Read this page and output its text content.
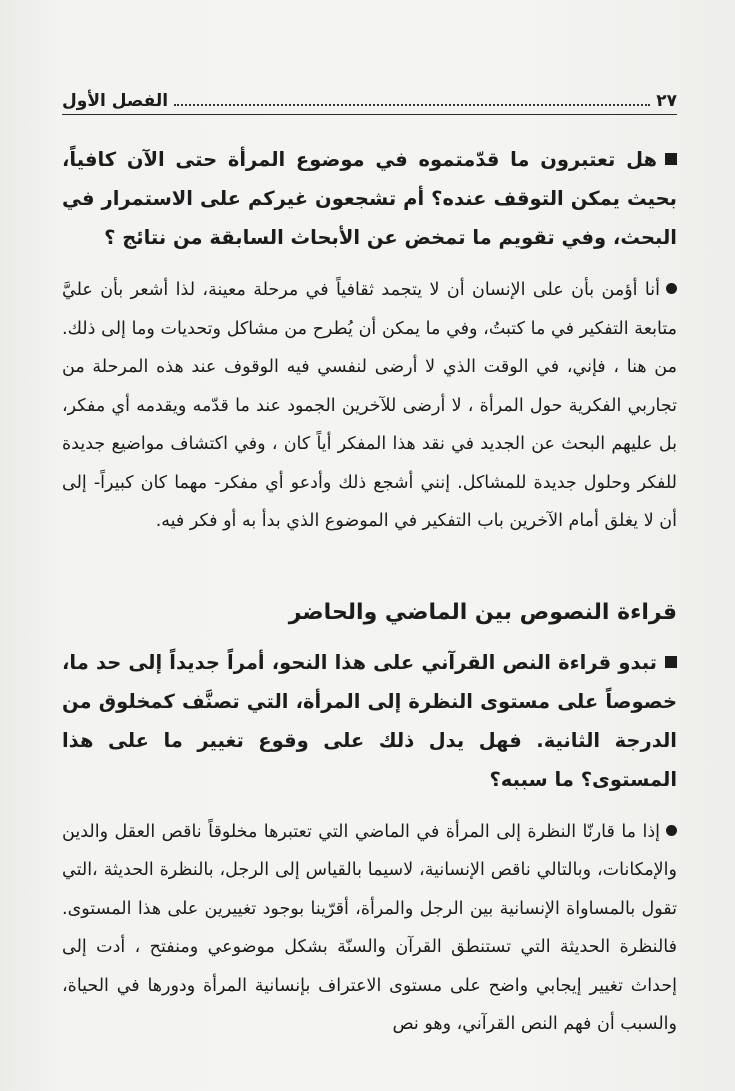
٢٧
الفصل الأول

هل تعتبرون ما قدّمتموه في موضوع المرأة حتى الآن كافياً، بحيث يمكن التوقف عنده؟ أم تشجعون غيركم على الاستمرار في البحث، وفي تقويم ما تمخض عن الأبحاث السابقة من نتائج ؟

أنا أؤمن بأن على الإنسان أن لا يتجمد ثقافياً في مرحلة معينة، لذا أشعر بأن عليَّ متابعة التفكير في ما كتبتُ، وفي ما يمكن أن يُطرح من مشاكل وتحديات وما إلى ذلك. من هنا ، فإني، في الوقت الذي لا أرضى لنفسي فيه الوقوف عند هذه المرحلة من تجاربي الفكرية حول المرأة ، لا أرضى للآخرين الجمود عند ما قدّمه ويقدمه أي مفكر، بل عليهم البحث عن الجديد في نقد هذا المفكر أياً كان ، وفي اكتشاف مواضيع جديدة للفكر وحلول جديدة للمشاكل. إنني أشجع ذلك وأدعو أي مفكر- مهما كان كبيراً- إلى أن لا يغلق أمام الآخرين باب التفكير في الموضوع الذي بدأ به أو فكر فيه.

قراءة النصوص بين الماضي والحاضر

تبدو قراءة النص القرآني على هذا النحو، أمراً جديداً إلى حد ما، خصوصاً على مستوى النظرة إلى المرأة، التي تصنَّف كمخلوق من الدرجة الثانية. فهل يدل ذلك على وقوع تغيير ما على هذا المستوى؟ ما سببه؟

إذا ما قارنّا النظرة إلى المرأة في الماضي التي تعتبرها مخلوقاً ناقص العقل والدين والإمكانات، وبالتالي ناقص الإنسانية، لاسيما بالقياس إلى الرجل، بالنظرة الحديثة ،التي تقول بالمساواة الإنسانية بين الرجل والمرأة، أقرّينا بوجود تغييرين على هذا المستوى. فالنظرة الحديثة التي تستنطق القرآن والسنّة بشكل موضوعي ومنفتح ، أدت إلى إحداث تغيير إيجابي واضح على مستوى الاعتراف بإنسانية المرأة ودورها في الحياة، والسبب أن فهم النص القرآني، وهو نص
